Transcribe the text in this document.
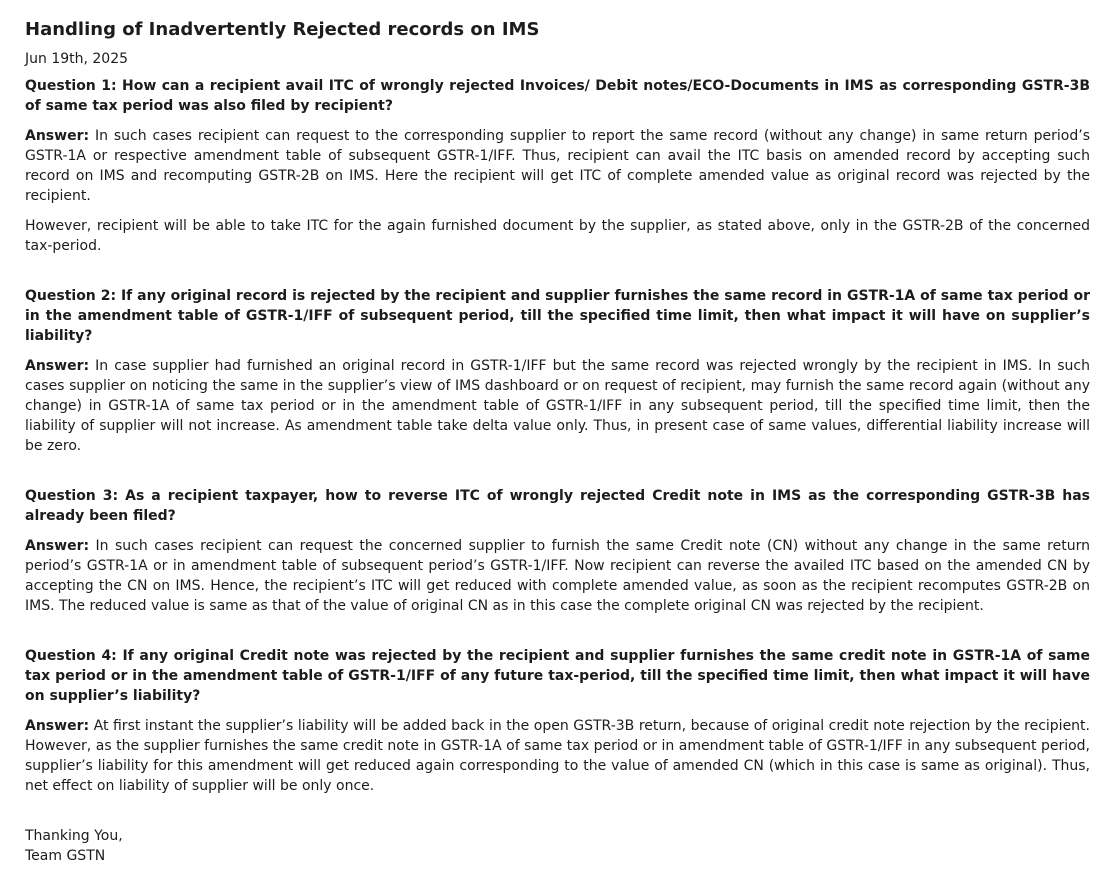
Handling of Inadvertently Rejected records on IMS
Jun 19th, 2025

Question 1: How can a recipient avail ITC of wrongly rejected Invoices/ Debit notes/ECO-Documents in IMS as corresponding GSTR-3B of same tax period was also filed by recipient?

Answer: In such cases recipient can request to the corresponding supplier to report the same record (without any change) in same return period’s GSTR-1A or respective amendment table of subsequent GSTR-1/IFF. Thus, recipient can avail the ITC basis on amended record by accepting such record on IMS and recomputing GSTR-2B on IMS. Here the recipient will get ITC of complete amended value as original record was rejected by the recipient.

However, recipient will be able to take ITC for the again furnished document by the supplier, as stated above, only in the GSTR-2B of the concerned tax-period.

Question 2: If any original record is rejected by the recipient and supplier furnishes the same record in GSTR-1A of same tax period or in the amendment table of GSTR-1/IFF of subsequent period, till the specified time limit, then what impact it will have on supplier’s liability?

Answer: In case supplier had furnished an original record in GSTR-1/IFF but the same record was rejected wrongly by the recipient in IMS. In such cases supplier on noticing the same in the supplier’s view of IMS dashboard or on request of recipient, may furnish the same record again (without any change) in GSTR-1A of same tax period or in the amendment table of GSTR-1/IFF in any subsequent period, till the specified time limit, then the liability of supplier will not increase. As amendment table take delta value only. Thus, in present case of same values, differential liability increase will be zero.

Question 3: As a recipient taxpayer, how to reverse ITC of wrongly rejected Credit note in IMS as the corresponding GSTR-3B has already been filed?

Answer: In such cases recipient can request the concerned supplier to furnish the same Credit note (CN) without any change in the same return period’s GSTR-1A or in amendment table of subsequent period’s GSTR-1/IFF. Now recipient can reverse the availed ITC based on the amended CN by accepting the CN on IMS. Hence, the recipient’s ITC will get reduced with complete amended value, as soon as the recipient recomputes GSTR-2B on IMS. The reduced value is same as that of the value of original CN as in this case the complete original CN was rejected by the recipient.

Question 4: If any original Credit note was rejected by the recipient and supplier furnishes the same credit note in GSTR-1A of same tax period or in the amendment table of GSTR-1/IFF of any future tax-period, till the specified time limit, then what impact it will have on supplier’s liability?

Answer: At first instant the supplier’s liability will be added back in the open GSTR-3B return, because of original credit note rejection by the recipient. However, as the supplier furnishes the same credit note in GSTR-1A of same tax period or in amendment table of GSTR-1/IFF in any subsequent period, supplier’s liability for this amendment will get reduced again corresponding to the value of amended CN (which in this case is same as original). Thus, net effect on liability of supplier will be only once.

Thanking You,
Team GSTN
